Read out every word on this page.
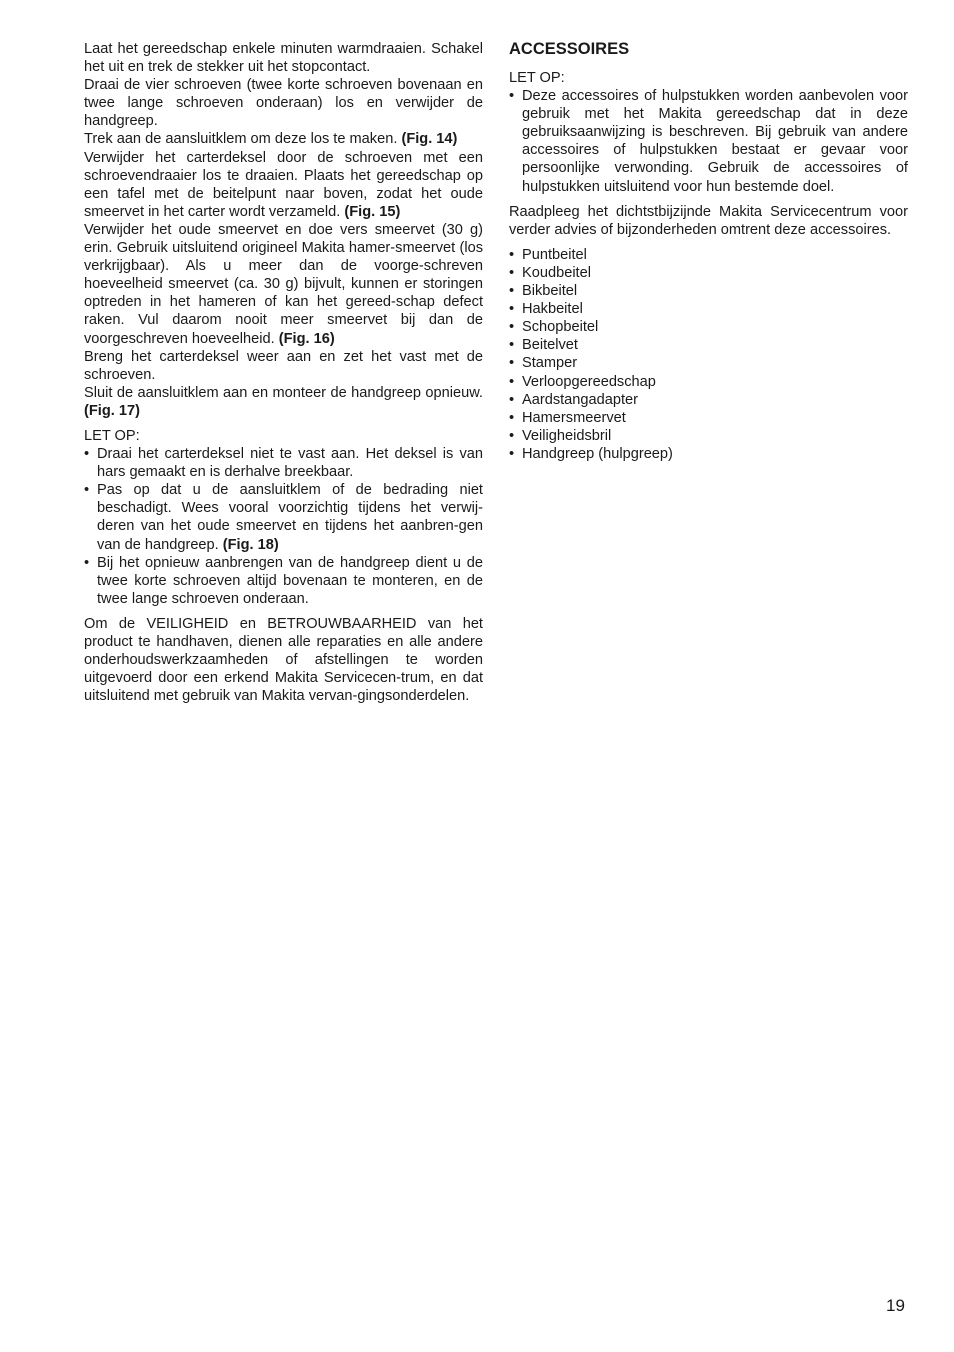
Laat het gereedschap enkele minuten warmdraaien. Schakel het uit en trek de stekker uit het stopcontact.

Draai de vier schroeven (twee korte schroeven bovenaan en twee lange schroeven onderaan) los en verwijder de handgreep.

Trek aan de aansluitklem om deze los te maken. (Fig. 14)

Verwijder het carterdeksel door de schroeven met een schroevendraaier los te draaien. Plaats het gereedschap op een tafel met de beitelpunt naar boven, zodat het oude smeervet in het carter wordt verzameld. (Fig. 15)

Verwijder het oude smeervet en doe vers smeervet (30 g) erin. Gebruik uitsluitend origineel Makita hamer-smeervet (los verkrijgbaar). Als u meer dan de voorge-schreven hoeveelheid smeervet (ca. 30 g) bijvult, kunnen er storingen optreden in het hameren of kan het gereed-schap defect raken. Vul daarom nooit meer smeervet bij dan de voorgeschreven hoeveelheid. (Fig. 16)

Breng het carterdeksel weer aan en zet het vast met de schroeven.

Sluit de aansluitklem aan en monteer de handgreep opnieuw. (Fig. 17)

LET OP:

• Draai het carterdeksel niet te vast aan. Het deksel is van hars gemaakt en is derhalve breekbaar.
• Pas op dat u de aansluitklem of de bedrading niet beschadigt. Wees vooral voorzichtig tijdens het verwij-deren van het oude smeervet en tijdens het aanbren-gen van de handgreep. (Fig. 18)
• Bij het opnieuw aanbrengen van de handgreep dient u de twee korte schroeven altijd bovenaan te monteren, en de twee lange schroeven onderaan.

Om de VEILIGHEID en BETROUWBAARHEID van het product te handhaven, dienen alle reparaties en alle andere onderhoudswerkzaamheden of afstellingen te worden uitgevoerd door een erkend Makita Servicecen-trum, en dat uitsluitend met gebruik van Makita vervan-gingsonderdelen.

ACCESSOIRES

LET OP:

• Deze accessoires of hulpstukken worden aanbevolen voor gebruik met het Makita gereedschap dat in deze gebruiksaanwijzing is beschreven. Bij gebruik van andere accessoires of hulpstukken bestaat er gevaar voor persoonlijke verwonding. Gebruik de accessoires of hulpstukken uitsluitend voor hun bestemde doel.

Raadpleeg het dichtstbijzijnde Makita Servicecentrum voor verder advies of bijzonderheden omtrent deze accessoires.

• Puntbeitel
• Koudbeitel
• Bikbeitel
• Hakbeitel
• Schopbeitel
• Beitelvet
• Stamper
• Verloopgereedschap
• Aardstangadapter
• Hamersmeervet
• Veiligheidsbril
• Handgreep (hulpgreep)
19
